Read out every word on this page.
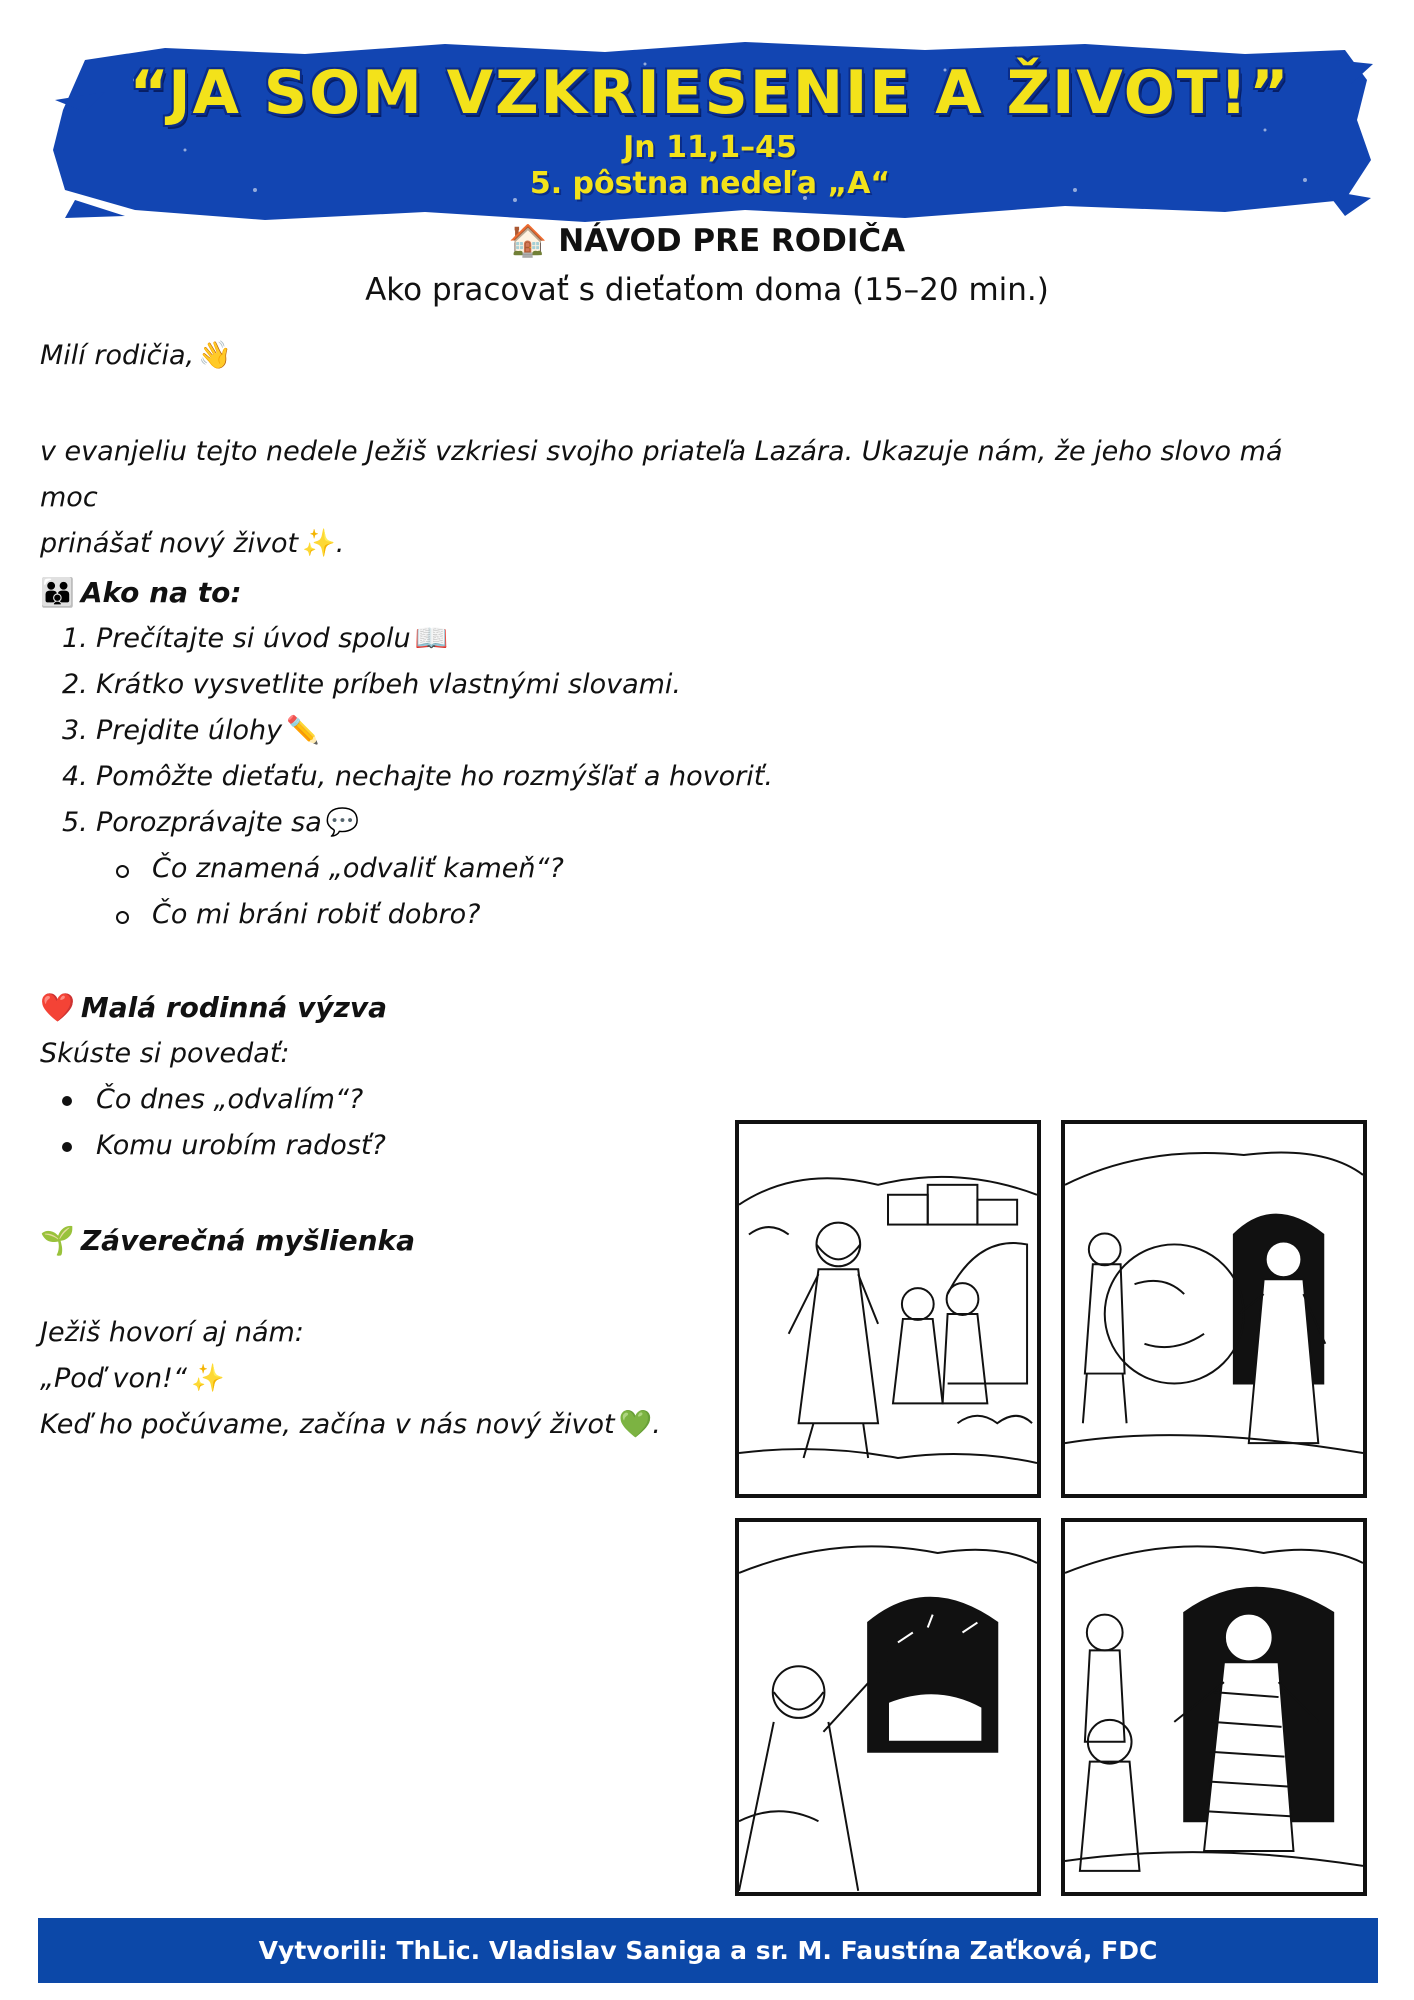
“JA SOM VZKRIESENIE A ŽIVOT!”
Jn 11,1–45
5. pôstna nedeľa „A“
🏠 NÁVOD PRE RODIČA
Ako pracovať s dieťaťom doma (15–20 min.)
Milí rodičia, 👋
v evanjeliu tejto nedele Ježiš vzkriesi svojho priateľa Lazára. Ukazuje nám, že jeho slovo má moc
prinášať nový život ✨.
👪 Ako na to:
1. Prečítajte si úvod spolu 📖
2. Krátko vysvetlite príbeh vlastnými slovami.
3. Prejdite úlohy ✏️
4. Pomôžte dieťaťu, nechajte ho rozmýšľať a hovoriť.
5. Porozprávajte sa 💬
Čo znamená „odvaliť kameň“?
Čo mi bráni robiť dobro?
❤️ Malá rodinná výzva
Skúste si povedať:
Čo dnes „odvalím“?
Komu urobím radosť?
🌱 Záverečná myšlienka
Ježiš hovorí aj nám:
„Poď von!“ ✨
Keď ho počúvame, začína v nás nový život 💚.
Vytvorili: ThLic. Vladislav Saniga a sr. M. Faustína Zaťková, FDC
